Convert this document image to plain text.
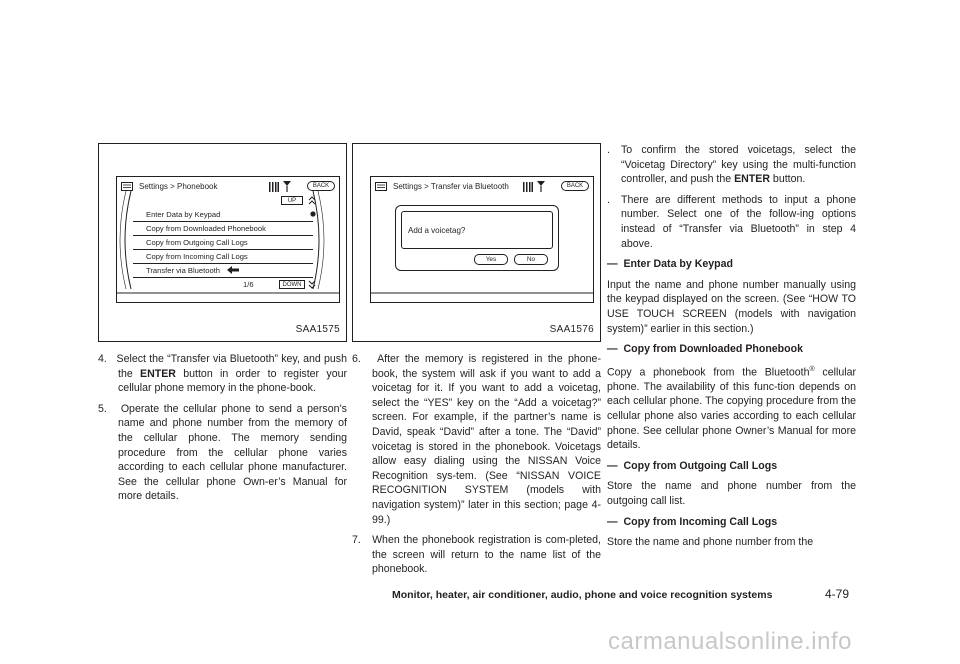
Settings > Phonebook	BACK
UP
Enter Data by Keypad
Copy from Downloaded Phonebook
Copy from Outgoing Call Logs
Copy from Incoming Call Logs
Transfer via Bluetooth
1/6	DOWN
SAA1575
Settings > Transfer via Bluetooth	BACK
Add a voicetag?
Yes	No
SAA1576
4. Select the “Transfer via Bluetooth” key, and push the ENTER button in order to register your cellular phone memory in the phone-book.
5. Operate the cellular phone to send a person’s name and phone number from the memory of the cellular phone. The memory sending procedure from the cellular phone varies according to each cellular phone manufacturer. See the cellular phone Own-er’s Manual for more details.
6. After the memory is registered in the phone-book, the system will ask if you want to add a voicetag for it. If you want to add a voicetag, select the “YES” key on the “Add a voicetag?” screen. For example, if the partner’s name is David, speak “David” after a tone. The “David” voicetag is stored in the phonebook. Voicetags allow easy dialing using the NISSAN Voice Recognition sys-tem. (See “NISSAN VOICE RECOGNITION SYSTEM (models with navigation system)” later in this section; page 4-99.)
7. When the phonebook registration is com-pleted, the screen will return to the name list of the phonebook.
. To confirm the stored voicetags, select the “Voicetag Directory” key using the multi-function controller, and push the ENTER button.
. There are different methods to input a phone number. Select one of the follow-ing options instead of “Transfer via Bluetooth” in step 4 above.
— Enter Data by Keypad

Input the name and phone number manually using the keypad displayed on the screen. (See “HOW TO USE TOUCH SCREEN (models with navigation system)” earlier in this section.)

— Copy from Downloaded Phonebook

Copy a phonebook from the Bluetooth® cellular phone. The availability of this func-tion depends on each cellular phone. The copying procedure from the cellular phone also varies according to each cellular phone. See cellular phone Owner’s Manual for more details.

— Copy from Outgoing Call Logs

Store the name and phone number from the outgoing call list.

— Copy from Incoming Call Logs

Store the name and phone number from the

Monitor, heater, air conditioner, audio, phone and voice recognition systems	4-79
carmanualsonline.info
